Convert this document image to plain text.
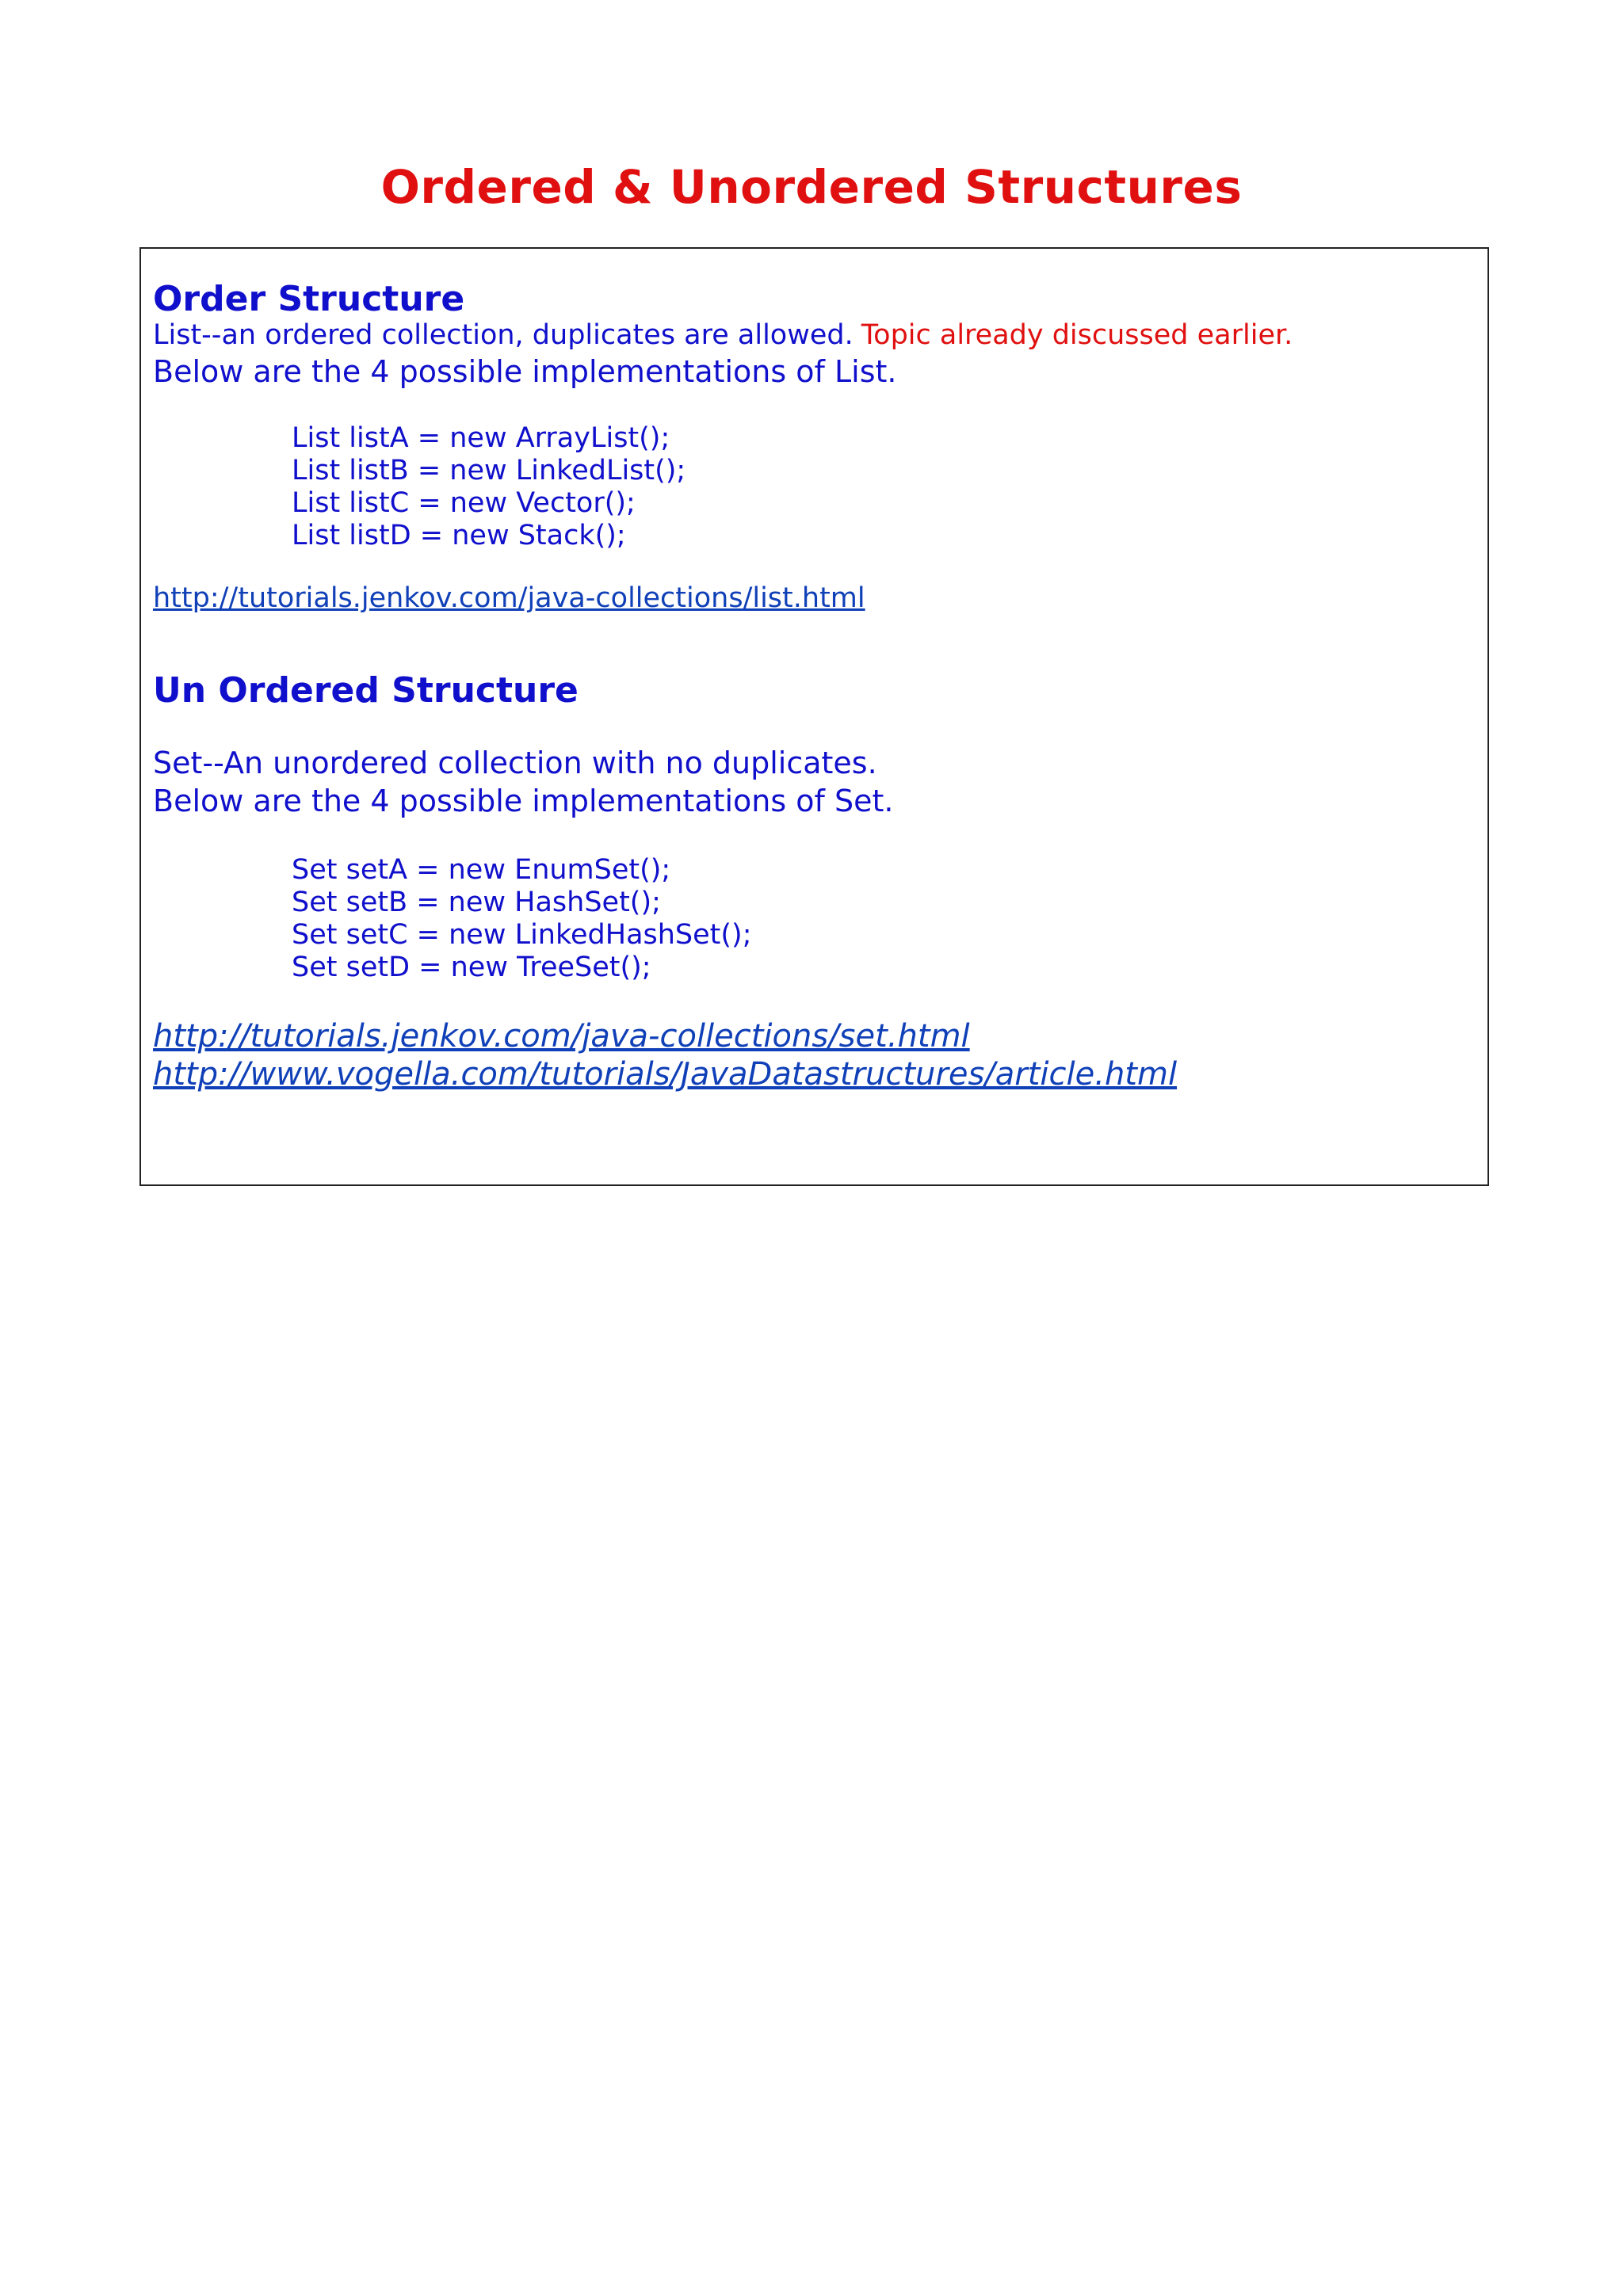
Ordered & Unordered Structures
Order Structure
List--an ordered collection, duplicates are allowed. Topic already discussed earlier.
Below are the 4 possible implementations of List.
List listA = new ArrayList();
List listB = new LinkedList();
List listC = new Vector();
List listD = new Stack();
http://tutorials.jenkov.com/java-collections/list.html
Un Ordered Structure
Set--An unordered collection with no duplicates.
Below are the 4 possible implementations of Set.
Set setA = new EnumSet();
Set setB = new HashSet();
Set setC = new LinkedHashSet();
Set setD = new TreeSet();
http://tutorials.jenkov.com/java-collections/set.html
http://www.vogella.com/tutorials/JavaDatastructures/article.html
